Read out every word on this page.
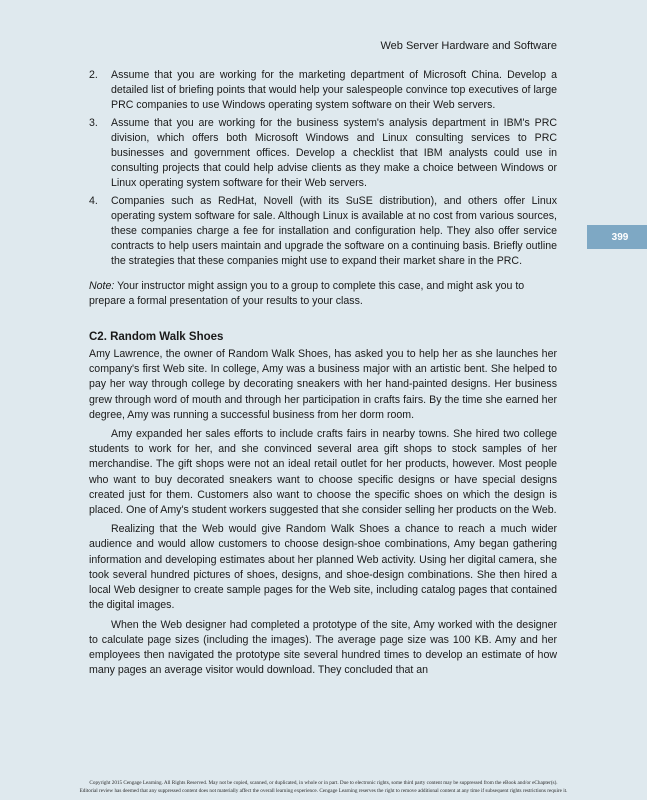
Web Server Hardware and Software
399
2. Assume that you are working for the marketing department of Microsoft China. Develop a detailed list of briefing points that would help your salespeople convince top executives of large PRC companies to use Windows operating system software on their Web servers.
3. Assume that you are working for the business system's analysis department in IBM's PRC division, which offers both Microsoft Windows and Linux consulting services to PRC businesses and government offices. Develop a checklist that IBM analysts could use in consulting projects that could help advise clients as they make a choice between Windows or Linux operating system software for their Web servers.
4. Companies such as RedHat, Novell (with its SuSE distribution), and others offer Linux operating system software for sale. Although Linux is available at no cost from various sources, these companies charge a fee for installation and configuration help. They also offer service contracts to help users maintain and upgrade the software on a continuing basis. Briefly outline the strategies that these companies might use to expand their market share in the PRC.

Note: Your instructor might assign you to a group to complete this case, and might ask you to prepare a formal presentation of your results to your class.

C2. Random Walk Shoes

Amy Lawrence, the owner of Random Walk Shoes, has asked you to help her as she launches her company's first Web site. In college, Amy was a business major with an artistic bent. She helped to pay her way through college by decorating sneakers with her hand-painted designs. Her business grew through word of mouth and through her participation in crafts fairs. By the time she earned her degree, Amy was running a successful business from her dorm room.

Amy expanded her sales efforts to include crafts fairs in nearby towns. She hired two college students to work for her, and she convinced several area gift shops to stock samples of her merchandise. The gift shops were not an ideal retail outlet for her products, however. Most people who want to buy decorated sneakers want to choose specific designs or have special designs created just for them. Customers also want to choose the specific shoes on which the design is placed. One of Amy's student workers suggested that she consider selling her products on the Web.

Realizing that the Web would give Random Walk Shoes a chance to reach a much wider audience and would allow customers to choose design-shoe combinations, Amy began gathering information and developing estimates about her planned Web activity. Using her digital camera, she took several hundred pictures of shoes, designs, and shoe-design combinations. She then hired a local Web designer to create sample pages for the Web site, including catalog pages that contained the digital images.

When the Web designer had completed a prototype of the site, Amy worked with the designer to calculate page sizes (including the images). The average page size was 100 KB. Amy and her employees then navigated the prototype site several hundred times to develop an estimate of how many pages an average visitor would download. They concluded that an

Copyright 2015 Cengage Learning. All Rights Reserved. May not be copied, scanned, or duplicated, in whole or in part. Due to electronic rights, some third party content may be suppressed from the eBook and/or eChapter(s).
Editorial review has deemed that any suppressed content does not materially affect the overall learning experience. Cengage Learning reserves the right to remove additional content at any time if subsequent rights restrictions require it.
